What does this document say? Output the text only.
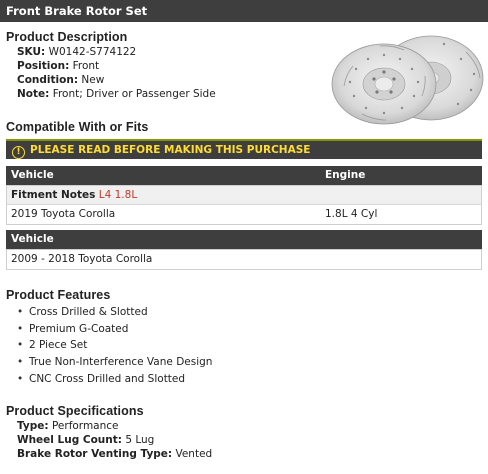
Front Brake Rotor Set
Product Description
SKU: W0142-S774122
Position: Front
Condition: New
Note: Front; Driver or Passenger Side
Compatible With or Fits
! PLEASE READ BEFORE MAKING THIS PURCHASE
Vehicle	Engine
Fitment Notes L4 1.8L
2019 Toyota Corolla	1.8L 4 Cyl
Vehicle
2009 - 2018 Toyota Corolla
Product Features
• Cross Drilled & Slotted
• Premium G-Coated
• 2 Piece Set
• True Non-Interference Vane Design
• CNC Cross Drilled and Slotted
Product Specifications
Type: Performance
Wheel Lug Count: 5 Lug
Brake Rotor Venting Type: Vented
